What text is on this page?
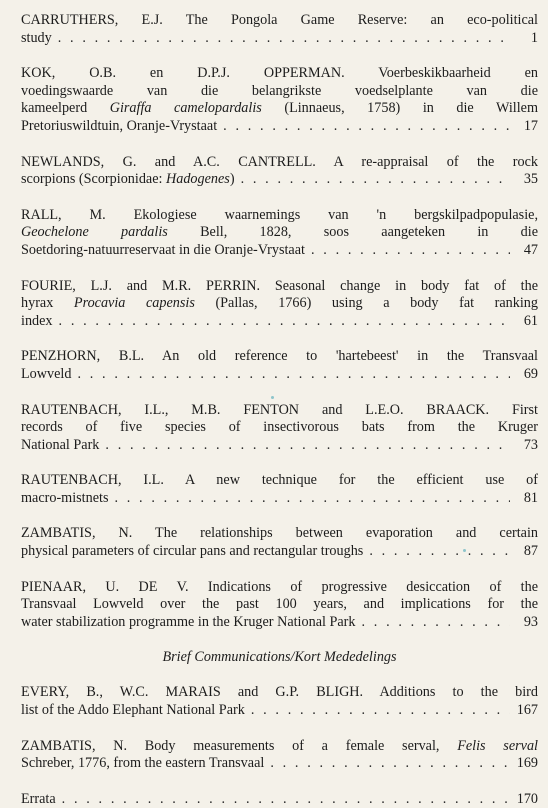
CARRUTHERS, E.J. The Pongola Game Reserve: an eco-political
study . . .	1
KOK, O.B. en D.P.J. OPPERMAN. Voerbeskikbaarheid en
voedingswaarde van die belangrikste voedselplante van die
kameelperd Giraffa camelopardalis (Linnaeus, 1758) in die Willem
Pretoriuswildtuin, Oranje-Vrystaat . . .	17
NEWLANDS, G. and A.C. CANTRELL. A re-appraisal of the rock
scorpions (Scorpionidae: Hadogenes) . . .	35
RALL, M. Ekologiese waarnemings van 'n bergskilpadpopulasie,
Geochelone pardalis Bell, 1828, soos aangeteken in die
Soetdoring-natuurreservaat in die Oranje-Vrystaat . . .	47
FOURIE, L.J. and M.R. PERRIN. Seasonal change in body fat of the
hyrax Procavia capensis (Pallas, 1766) using a body fat ranking
index . . .	61
PENZHORN, B.L. An old reference to 'hartebeest' in the Transvaal
Lowveld . . .	69
RAUTENBACH, I.L., M.B. FENTON and L.E.O. BRAACK. First
records of five species of insectivorous bats from the Kruger
National Park . . .	73
RAUTENBACH, I.L. A new technique for the efficient use of
macro-mistnets . . .	81
ZAMBATIS, N. The relationships between evaporation and certain
physical parameters of circular pans and rectangular troughs . . .	87
PIENAAR, U. DE V. Indications of progressive desiccation of the
Transvaal Lowveld over the past 100 years, and implications for the
water stabilization programme in the Kruger National Park . . .	93

Brief Communications/Kort Mededelings

EVERY, B., W.C. MARAIS and G.P. BLIGH. Additions to the bird
list of the Addo Elephant National Park . . .	167
ZAMBATIS, N. Body measurements of a female serval, Felis serval
Schreber, 1776, from the eastern Transvaal . . .	169
Errata . . .	170
